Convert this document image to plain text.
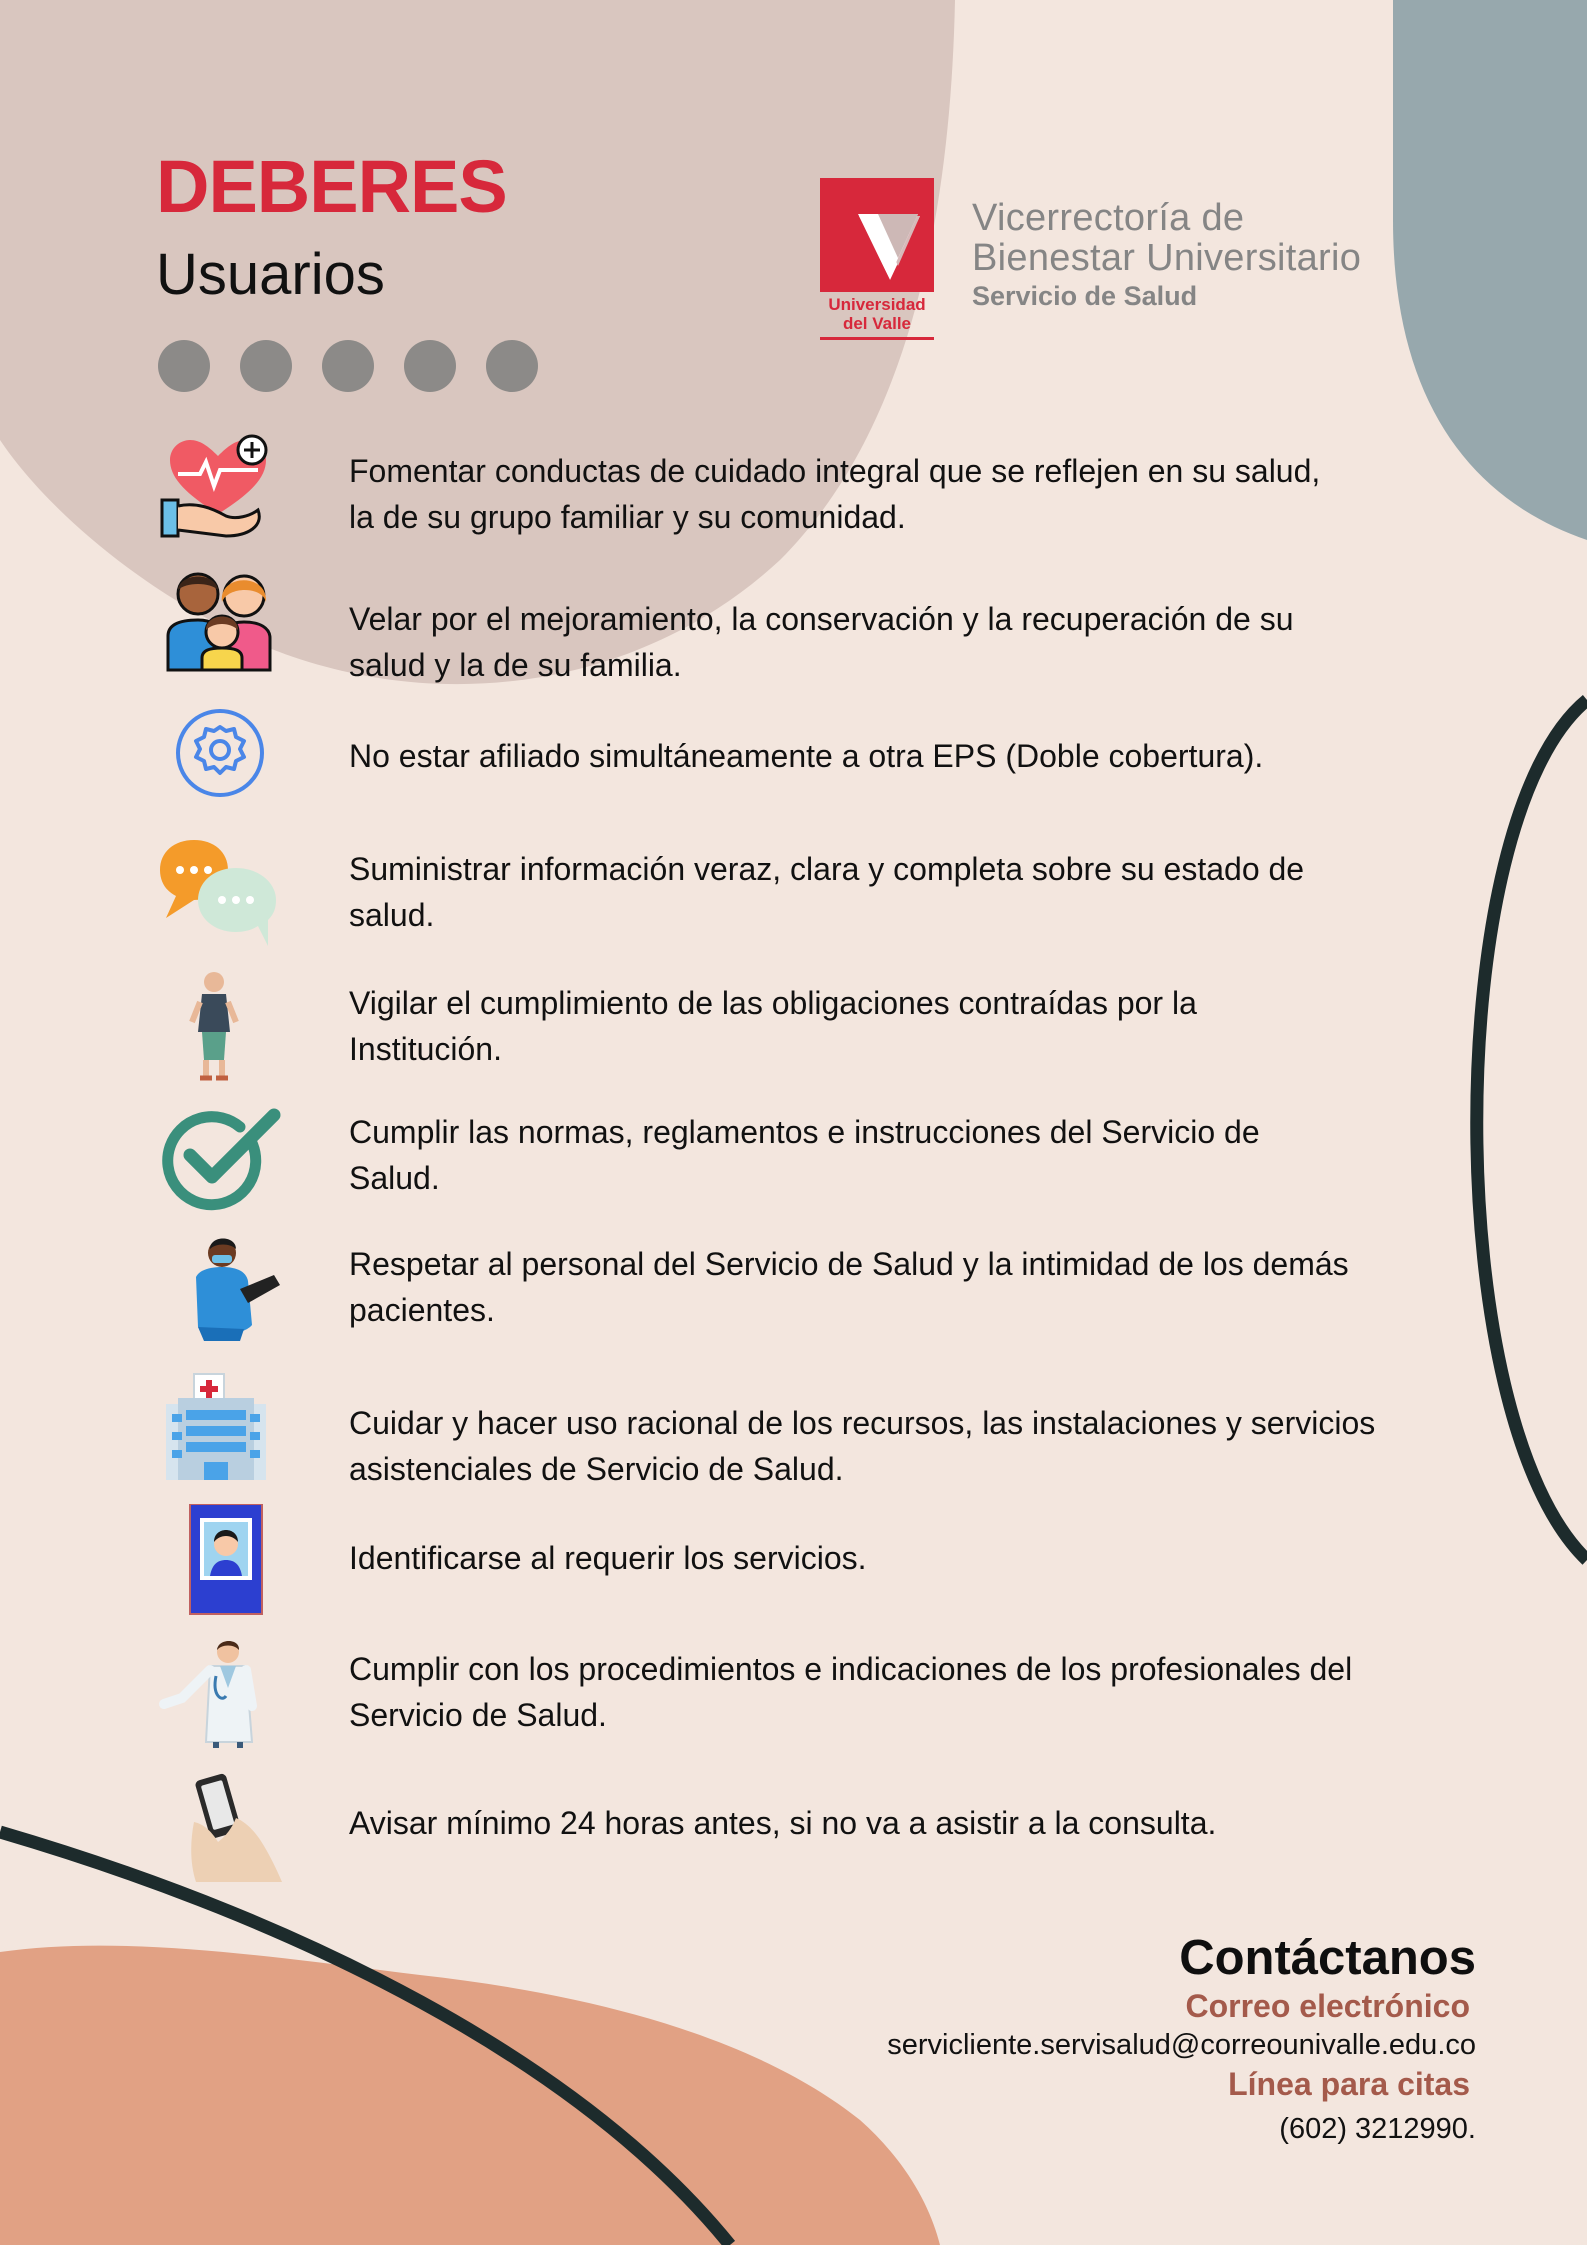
DEBERES
Usuarios	Universidad
del Valle
Vicerrectoría de
Bienestar Universitario
Servicio de Salud
Fomentar conductas de cuidado integral que se reflejen en su salud,
la de su grupo familiar y su comunidad.
Velar por el mejoramiento, la conservación y la recuperación de su
salud y la de su familia.
No estar afiliado simultáneamente a otra EPS (Doble cobertura).
Suministrar información veraz, clara y completa sobre su estado de
salud.
Vigilar el cumplimiento de las obligaciones contraídas por la
Institución.
Cumplir las normas, reglamentos e instrucciones del Servicio de
Salud.
Respetar al personal del Servicio de Salud y la intimidad de los demás
pacientes.
Cuidar y hacer uso racional de los recursos, las instalaciones y servicios
asistenciales de Servicio de Salud.
Identificarse al requerir los servicios.
Cumplir con los procedimientos e indicaciones de los profesionales del
Servicio de Salud.
Avisar mínimo 24 horas antes, si no va a asistir a la consulta.
Contáctanos
Correo electrónico
servicliente.servisalud@correounivalle.edu.co
Línea para citas
(602) 3212990.
